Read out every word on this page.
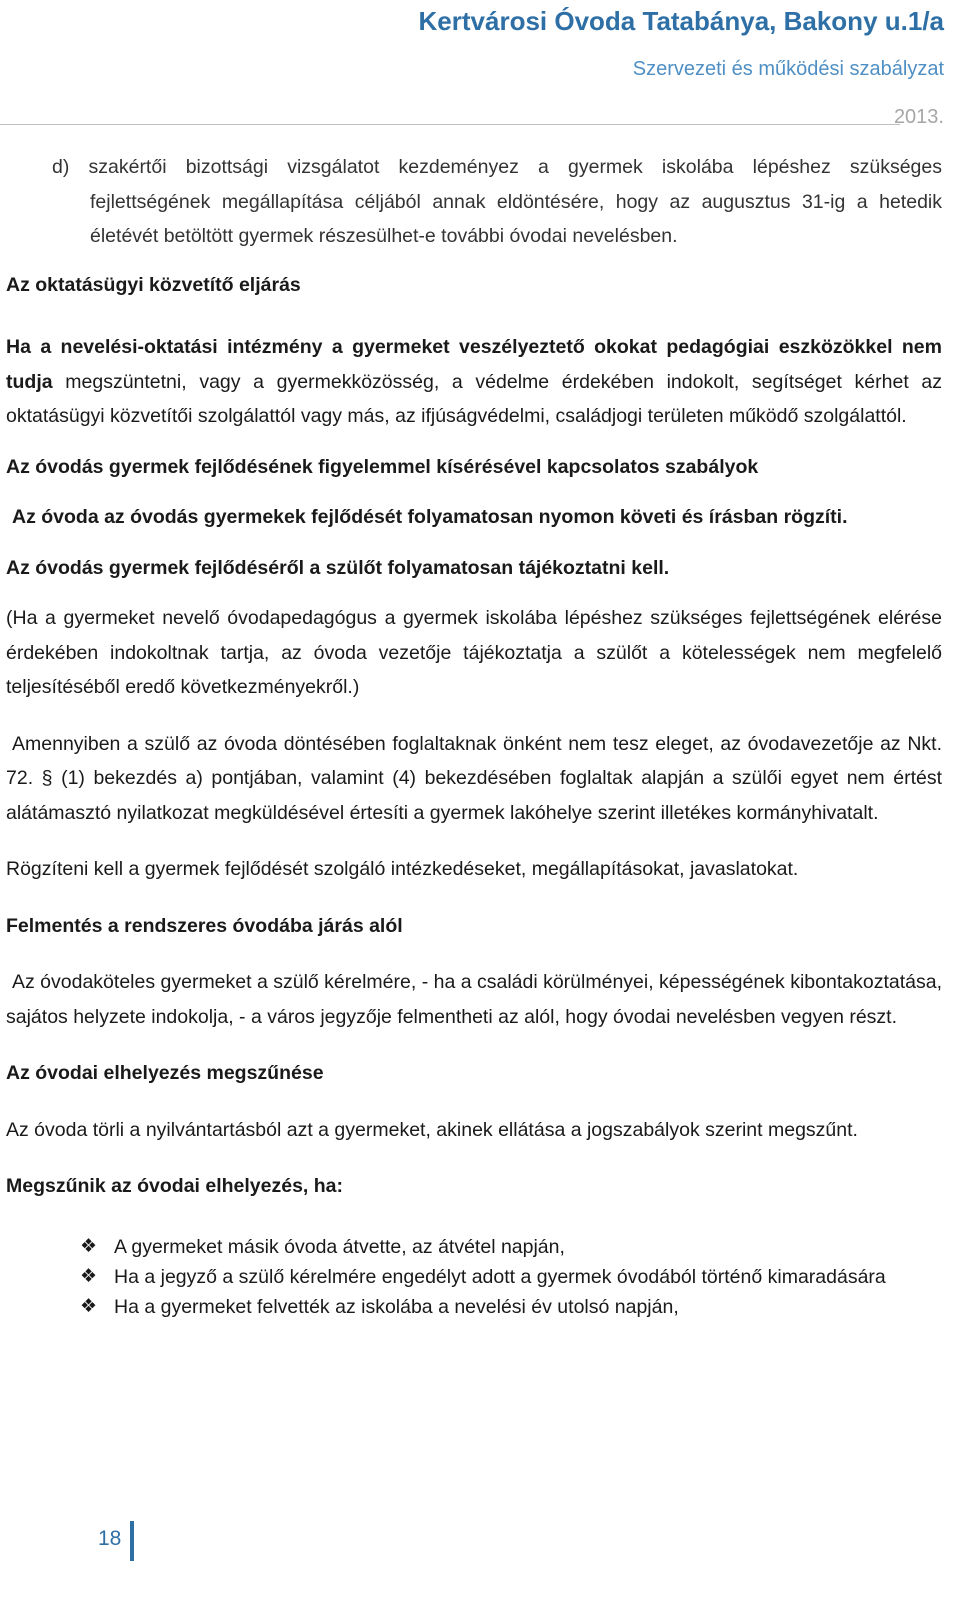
Kertvárosi Óvoda Tatabánya, Bakony u.1/a
Szervezeti és működési szabályzat
2013.

d) szakértői bizottsági vizsgálatot kezdeményez a gyermek iskolába lépéshez szükséges fejlettségének megállapítása céljából annak eldöntésére, hogy az augusztus 31-ig a hetedik életévét betöltött gyermek részesülhet-e további óvodai nevelésben.

Az oktatásügyi közvetítő eljárás

Ha a nevelési-oktatási intézmény a gyermeket veszélyeztető okokat pedagógiai eszközökkel nem tudja megszüntetni, vagy a gyermekközösség, a védelme érdekében indokolt, segítséget kérhet az oktatásügyi közvetítői szolgálattól vagy más, az ifjúságvédelmi, családjogi területen működő szolgálattól.

Az óvodás gyermek fejlődésének figyelemmel kísérésével kapcsolatos szabályok

Az óvoda az óvodás gyermekek fejlődését folyamatosan nyomon követi és írásban rögzíti.

Az óvodás gyermek fejlődéséről a szülőt folyamatosan tájékoztatni kell.

(Ha a gyermeket nevelő óvodapedagógus a gyermek iskolába lépéshez szükséges fejlettségének elérése érdekében indokoltnak tartja, az óvoda vezetője tájékoztatja a szülőt a kötelességek nem megfelelő teljesítéséből eredő következményekről.)

Amennyiben a szülő az óvoda döntésében foglaltaknak önként nem tesz eleget, az óvodavezetője az Nkt. 72. § (1) bekezdés a) pontjában, valamint (4) bekezdésében foglaltak alapján a szülői egyet nem értést alátámasztó nyilatkozat megküldésével értesíti a gyermek lakóhelye szerint illetékes kormányhivatalt.

Rögzíteni kell a gyermek fejlődését szolgáló intézkedéseket, megállapításokat, javaslatokat.

Felmentés a rendszeres óvodába járás alól

Az óvodaköteles gyermeket a szülő kérelmére, - ha a családi körülményei, képességének kibontakoztatása, sajátos helyzete indokolja, - a város jegyzője felmentheti az alól, hogy óvodai nevelésben vegyen részt.

Az óvodai elhelyezés megszűnése

Az óvoda törli a nyilvántartásból azt a gyermeket, akinek ellátása a jogszabályok szerint megszűnt.

Megszűnik az óvodai elhelyezés, ha:

❖ A gyermeket másik óvoda átvette, az átvétel napján,
❖ Ha a jegyző a szülő kérelmére engedélyt adott a gyermek óvodából történő kimaradására
❖ Ha a gyermeket felvették az iskolába a nevelési év utolsó napján,
18
